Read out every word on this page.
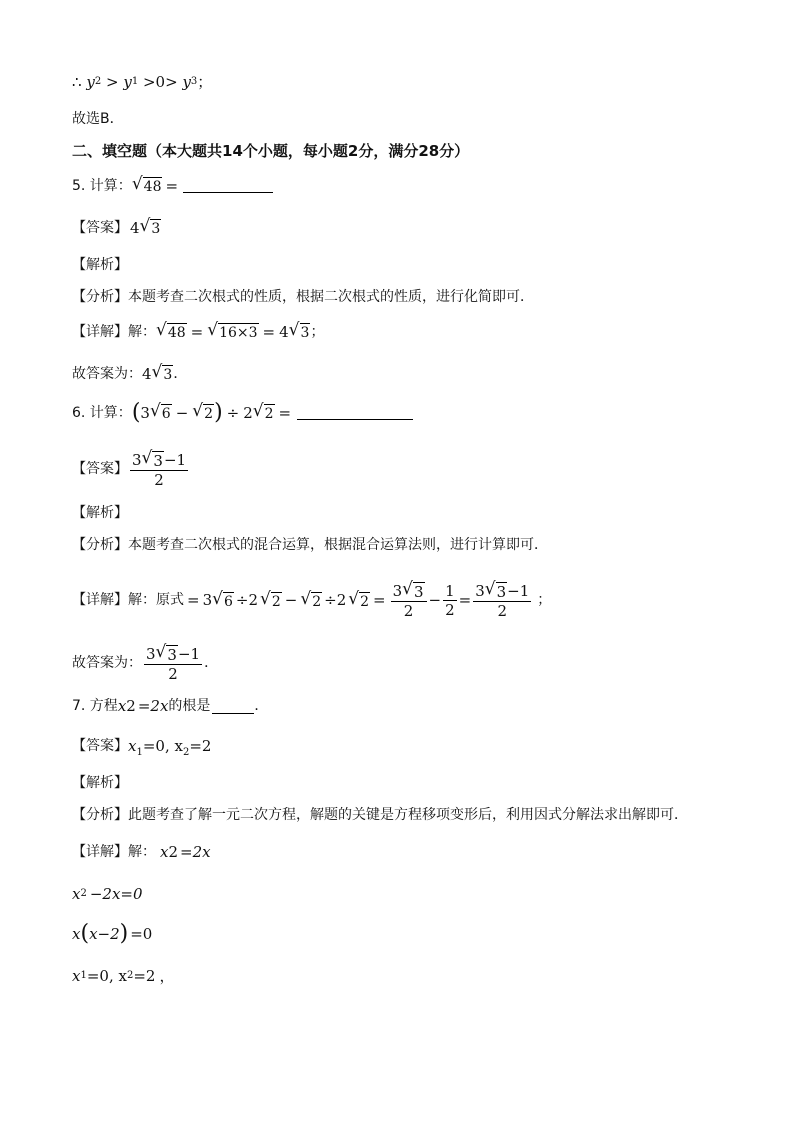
∴
y 2
>
y 1
>0>
y 3 ；
故选B．
二、填空题（本大题共14个小题，每小题2分，满分28分）
5. 计算： √ 48 =
【答案】 4 √ 3
【解析】
【分析】本题考查二次根式的性质，根据二次根式的性质，进行化简即可．
【详解】解： √ 48 = √ 16×3 = 4 √ 3 ；
故答案为： 4 √ 3 ．
6. 计算： ( 3 √ 6 − √ 2 ) ÷ 2 √ 2 =
【答案】 $\frac{3 √ 3 -1}{2}$
【解析】
【分析】本题考查二次根式的混合运算，根据混合运算法则，进行计算即可．
【详解】解：原式 = 3 √ 6 ÷2 √ 2 − √ 2 ÷2 √ $2 = \frac{3 √ 3}{2} - \frac{1}{2} = \frac{3 √ 3 -1}{2}$ ；
故答案为： $\frac{3 √ 3 -1}{2}$ ．
7. 方程 x 2 =2x 的根是	．
【答案】 $x_1=0$, $x_2=2$
【解析】
【分析】此题考查了解一元二次方程，解题的关键是方程移项变形后，利用因式分解法求出解即可．
【详解】解： x 2 =2x
x 2 −2x=0
x ( x−2 ) =0
x 1 =0, x 2 =2 ，
